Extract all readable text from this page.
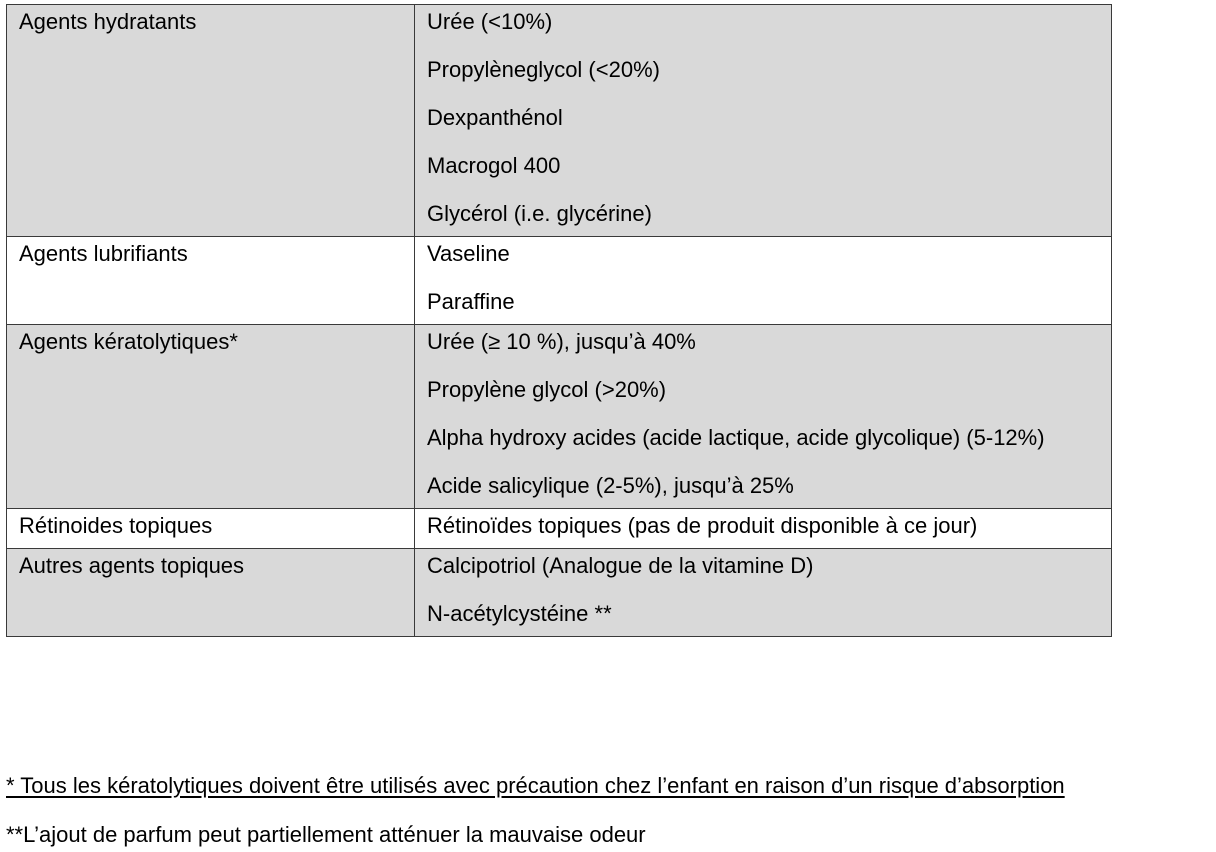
Agents hydratants	Urée (<10%)
Propylèneglycol (<20%)
Dexpanthénol
Macrogol 400
Glycérol (i.e. glycérine)

Agents lubrifiants	Vaseline
Paraffine

Agents kératolytiques*	Urée (≥ 10 %), jusqu’à 40%
Propylène glycol (>20%)
Alpha hydroxy acides (acide lactique, acide glycolique) (5-12%)
Acide salicylique (2-5%), jusqu’à 25%

Rétinoides topiques	Rétinoïdes topiques (pas de produit disponible à ce jour)

Autres agents topiques	Calcipotriol (Analogue de la vitamine D)
N-acétylcystéine **
* Tous les kératolytiques doivent être utilisés avec précaution chez l’enfant en raison d’un risque d’absorption
**L’ajout de parfum peut partiellement atténuer la mauvaise odeur
